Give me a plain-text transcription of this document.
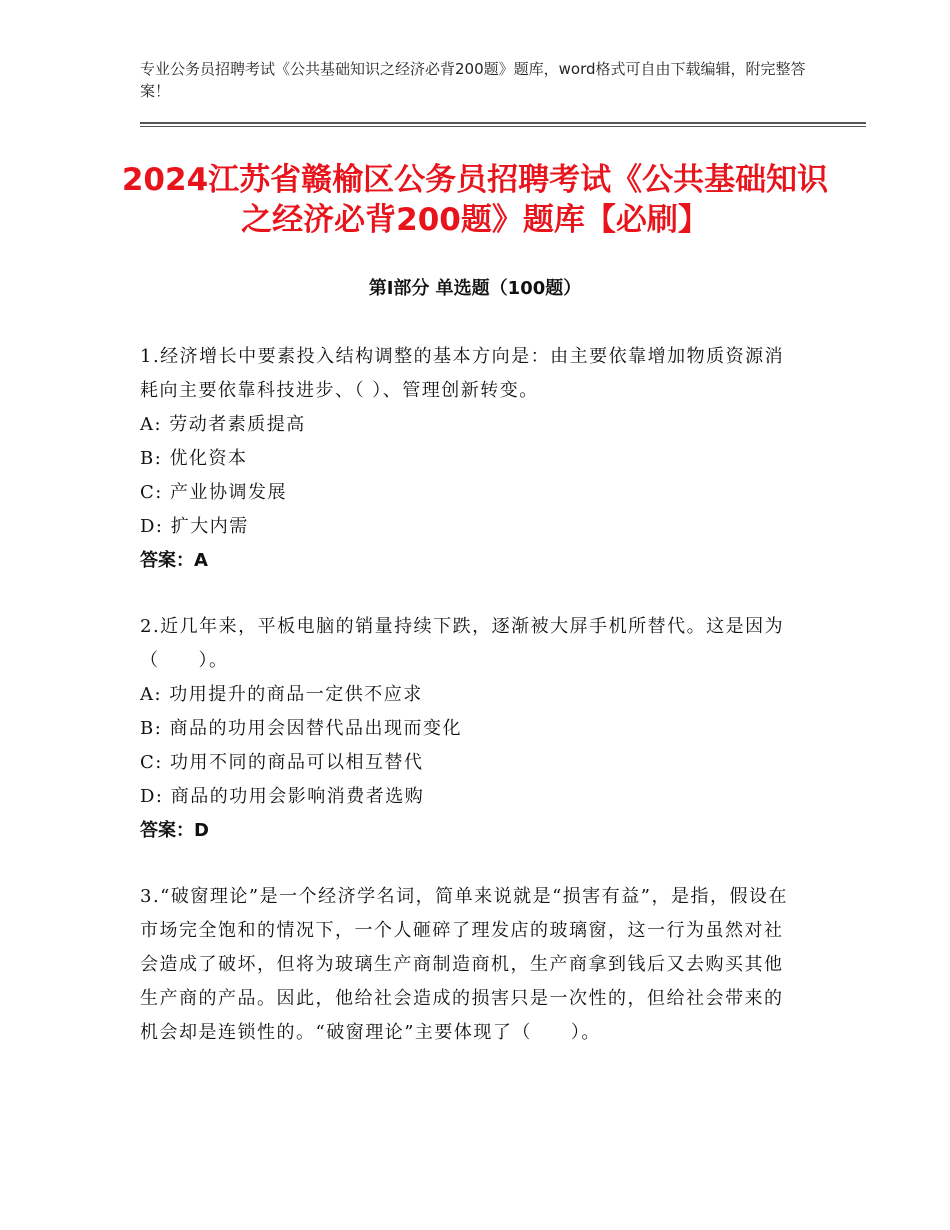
专业公务员招聘考试《公共基础知识之经济必背200题》题库，word格式可自由下载编辑，附完整答案！

2024江苏省赣榆区公务员招聘考试《公共基础知识之经济必背200题》题库【必刷】
第I部分 单选题（100题）

1.经济增长中要素投入结构调整的基本方向是：由主要依靠增加物质资源消耗向主要依靠科技进步、（ ）、管理创新转变。

A: 劳动者素质提高

B: 优化资本

C: 产业协调发展

D: 扩大内需

答案：A

2.近几年来，平板电脑的销量持续下跌，逐渐被大屏手机所替代。这是因为（　　）。

A: 功用提升的商品一定供不应求

B: 商品的功用会因替代品出现而变化

C: 功用不同的商品可以相互替代

D: 商品的功用会影响消费者选购

答案：D

3.“破窗理论”是一个经济学名词，简单来说就是“损害有益”，是指，假设在市场完全饱和的情况下，一个人砸碎了理发店的玻璃窗，这一行为虽然对社会造成了破坏，但将为玻璃生产商制造商机，生产商拿到钱后又去购买其他生产商的产品。因此，他给社会造成的损害只是一次性的，但给社会带来的机会却是连锁性的。“破窗理论”主要体现了（　　）。
